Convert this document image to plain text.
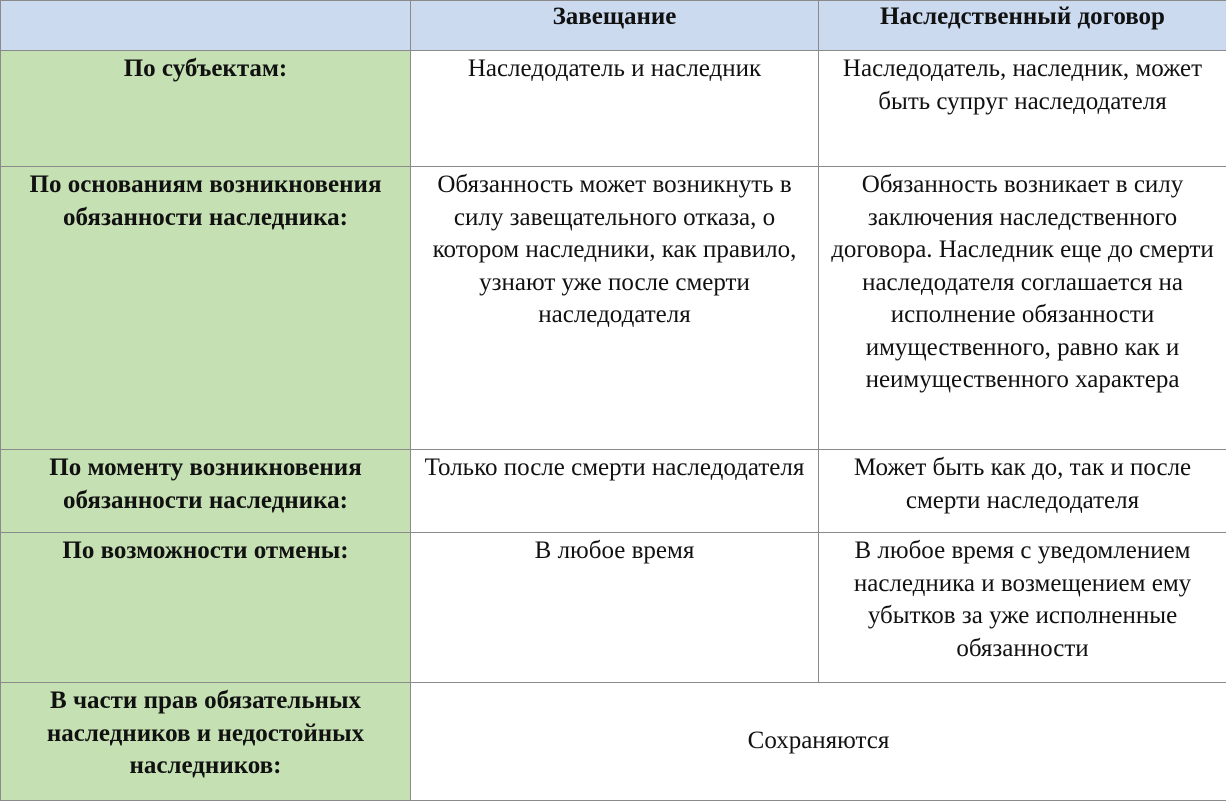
	Завещание	Наследственный договор
По субъектам:	Наследодатель и наследник	Наследодатель, наследник, может быть супруг наследодателя
По основаниям возникновения обязанности наследника:	Обязанность может возникнуть в силу завещательного отказа, о котором наследники, как правило, узнают уже после смерти наследодателя	Обязанность возникает в силу заключения наследственного договора. Наследник еще до смерти наследодателя соглашается на исполнение обязанности имущественного, равно как и неимущественного характера
По моменту возникновения обязанности наследника:	Только после смерти наследодателя	Может быть как до, так и после смерти наследодателя
По возможности отмены:	В любое время	В любое время с уведомлением наследника и возмещением ему убытков за уже исполненные обязанности
В части прав обязательных наследников и недостойных наследников:	Сохраняются	
